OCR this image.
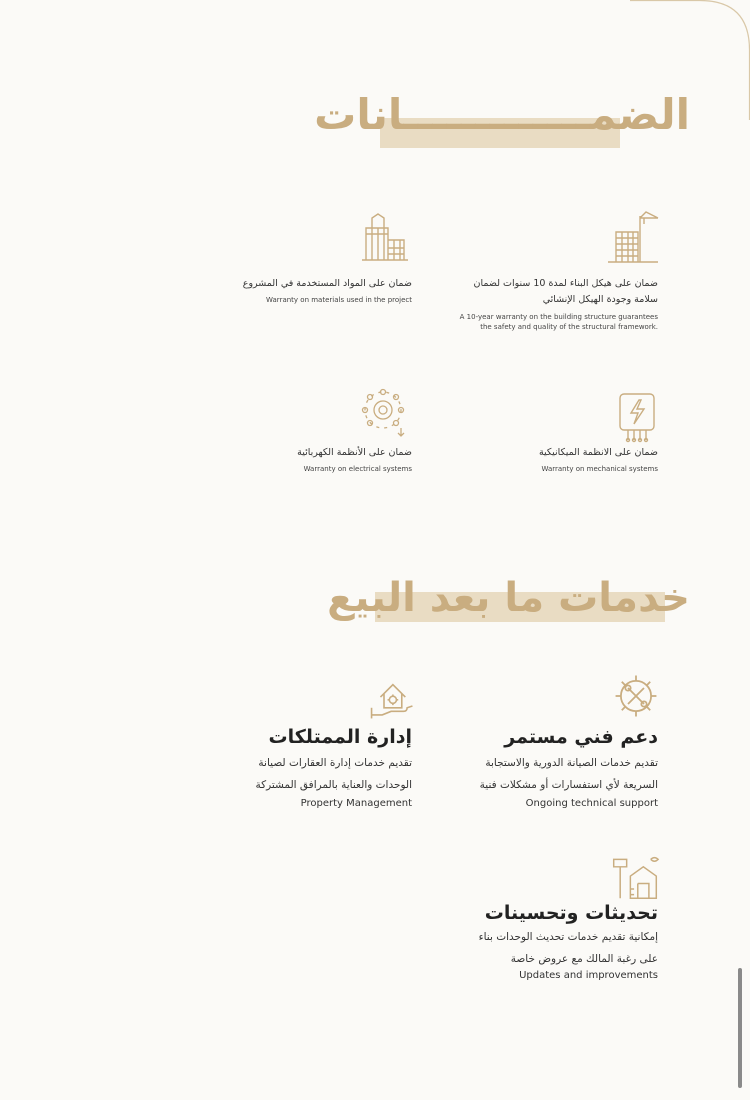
الضمـــــــــــــانات
ضمان على هيكل البناء لمدة 10 سنوات لضمان
سلامة وجودة الهيكل الإنشائي
A 10-year warranty on the building structure guarantees
the safety and quality of the structural framework.
ضمان على المواد المستخدمة في المشروع
Warranty on materials used in the project
ضمان على الانظمة الميكانيكية
Warranty on mechanical systems
ضمان على الأنظمة الكهربائية
Warranty on electrical systems
خدمات ما بعد البيع
دعم فني مستمر
تقديم خدمات الصيانة الدورية والاستجابة
السريعة لأي استفسارات أو مشكلات فنية
Ongoing technical support
إدارة الممتلكات
تقديم خدمات إدارة العقارات لصيانة
الوحدات والعناية بالمرافق المشتركة
Property Management
تحديثات وتحسينات
إمكانية تقديم خدمات تحديث الوحدات بناء
على رغبة المالك مع عروض خاصة
Updates and improvements
